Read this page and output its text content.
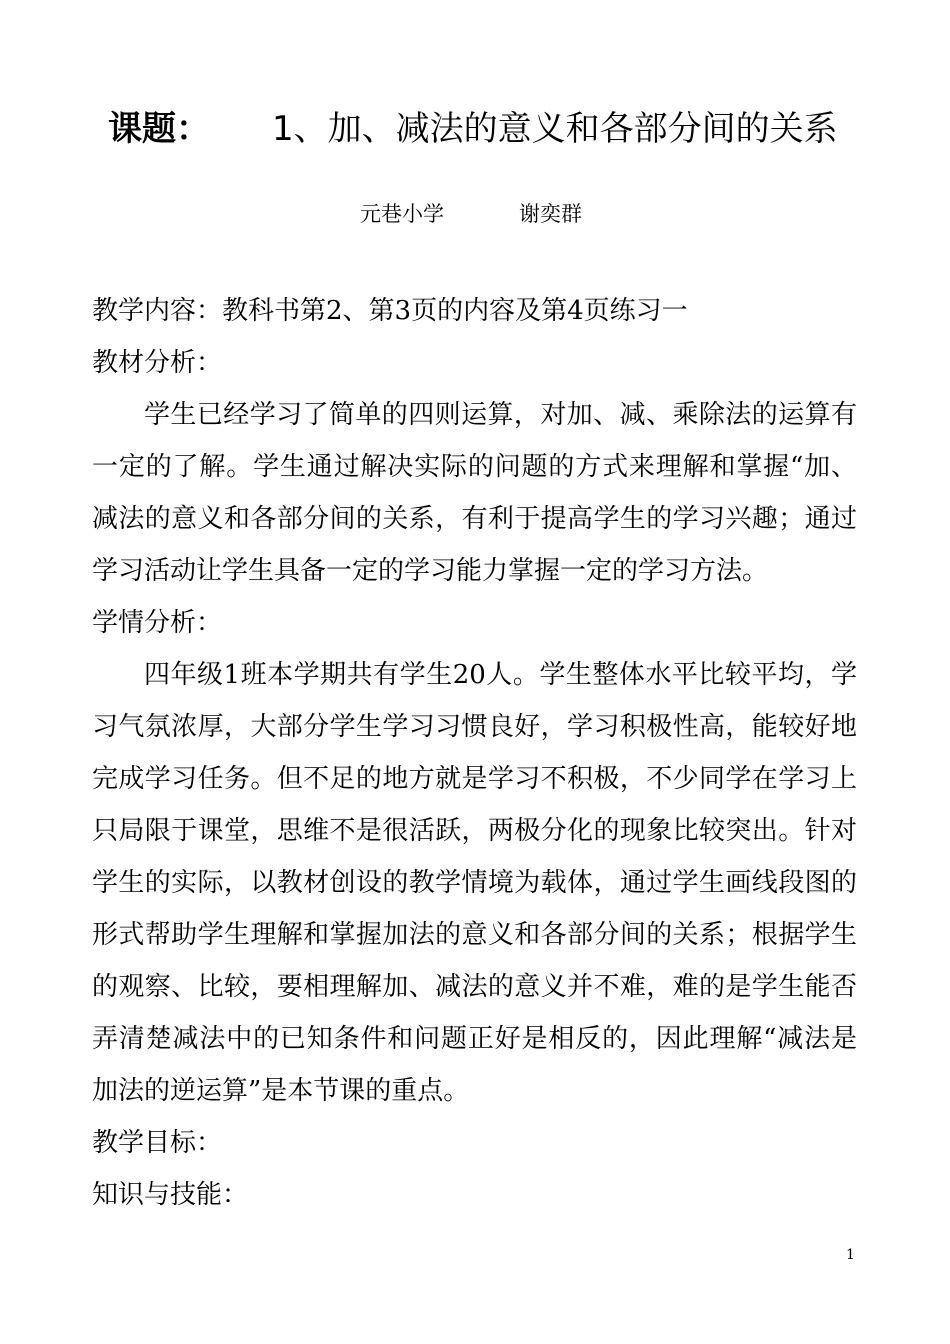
课题： 1、加、减法的意义和各部分间的关系
元巷小学	谢奕群

教学内容：教科书第2、第3页的内容及第4页练习一

教材分析：

学生已经学习了简单的四则运算，对加、减、乘除法的运算有一定的了解。学生通过解决实际的问题的方式来理解和掌握“加、减法的意义和各部分间的关系，有利于提高学生的学习兴趣；通过学习活动让学生具备一定的学习能力掌握一定的学习方法。

学情分析：

四年级1班本学期共有学生20人。学生整体水平比较平均，学习气氛浓厚，大部分学生学习习惯良好，学习积极性高，能较好地完成学习任务。但不足的地方就是学习不积极，不少同学在学习上只局限于课堂，思维不是很活跃，两极分化的现象比较突出。针对学生的实际，以教材创设的教学情境为载体，通过学生画线段图的形式帮助学生理解和掌握加法的意义和各部分间的关系；根据学生的观察、比较，要相理解加、减法的意义并不难，难的是学生能否弄清楚减法中的已知条件和问题正好是相反的，因此理解“减法是加法的逆运算”是本节课的重点。

教学目标：

知识与技能：

1
